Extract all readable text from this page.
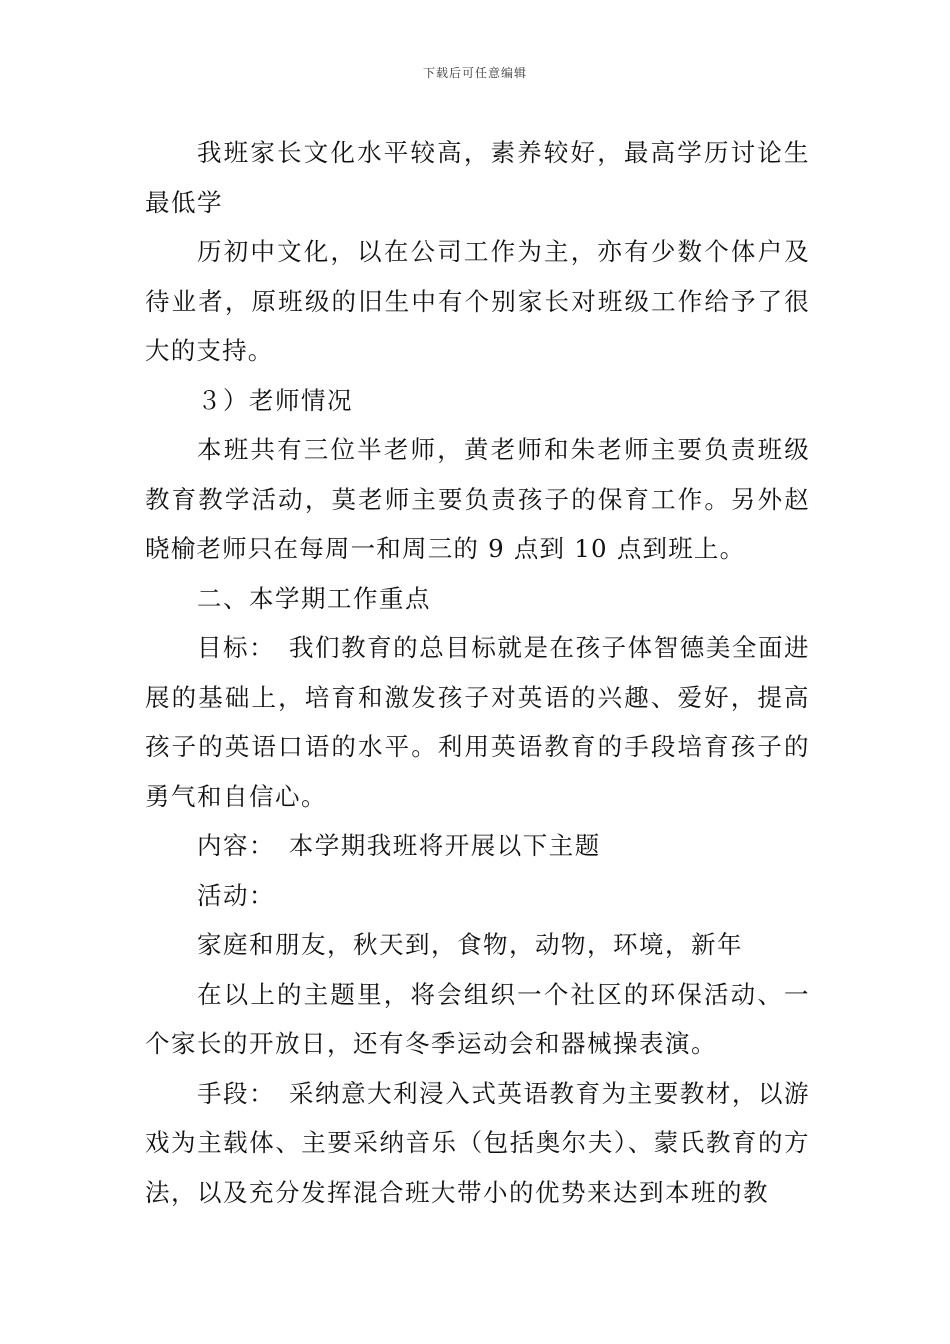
下载后可任意编辑

我班家长文化水平较高，素养较好，最高学历讨论生最低学

历初中文化，以在公司工作为主，亦有少数个体户及待业者，原班级的旧生中有个别家长对班级工作给予了很大的支持。

３）老师情况

本班共有三位半老师，黄老师和朱老师主要负责班级教育教学活动，莫老师主要负责孩子的保育工作。另外赵晓榆老师只在每周一和周三的 9 点到 10 点到班上。

二、本学期工作重点

目标：　我们教育的总目标就是在孩子体智德美全面进展的基础上，培育和激发孩子对英语的兴趣、爱好，提高孩子的英语口语的水平。利用英语教育的手段培育孩子的勇气和自信心。

内容：　本学期我班将开展以下主题

活动：

家庭和朋友，秋天到，食物，动物，环境，新年

在以上的主题里，将会组织一个社区的环保活动、一个家长的开放日，还有冬季运动会和器械操表演。

手段：　采纳意大利浸入式英语教育为主要教材，以游戏为主载体、主要采纳音乐（包括奥尔夫）、蒙氏教育的方法，以及充分发挥混合班大带小的优势来达到本班的教
